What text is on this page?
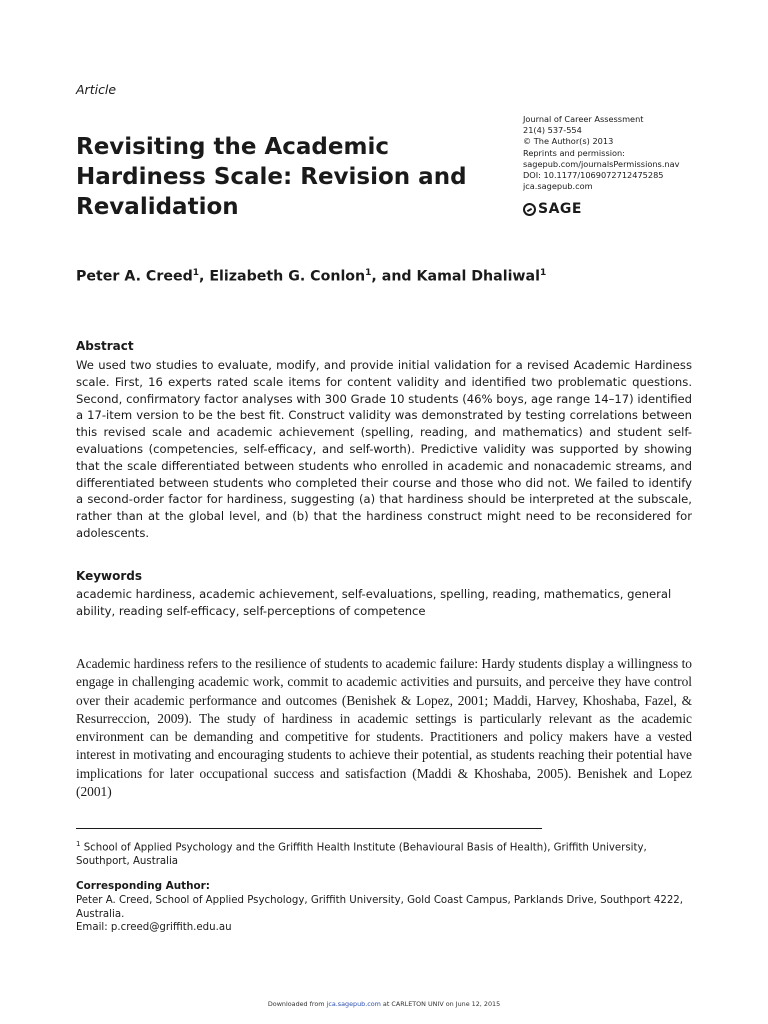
Article
Revisiting the Academic Hardiness Scale: Revision and Revalidation
Journal of Career Assessment
21(4) 537-554
© The Author(s) 2013
Reprints and permission:
sagepub.com/journalsPermissions.nav
DOI: 10.1177/1069072712475285
jca.sagepub.com
SAGE
Peter A. Creed$^1$, Elizabeth G. Conlon$^1$, and Kamal Dhaliwal$^1$
Abstract

We used two studies to evaluate, modify, and provide initial validation for a revised Academic Hardiness scale. First, 16 experts rated scale items for content validity and identified two problematic questions. Second, confirmatory factor analyses with 300 Grade 10 students (46% boys, age range 14–17) identified a 17-item version to be the best fit. Construct validity was demonstrated by testing correlations between this revised scale and academic achievement (spelling, reading, and mathematics) and student self-evaluations (competencies, self-efficacy, and self-worth). Predictive validity was supported by showing that the scale differentiated between students who enrolled in academic and nonacademic streams, and differentiated between students who completed their course and those who did not. We failed to identify a second-order factor for hardiness, suggesting (a) that hardiness should be interpreted at the subscale, rather than at the global level, and (b) that the hardiness construct might need to be reconsidered for adolescents.

Keywords

academic hardiness, academic achievement, self-evaluations, spelling, reading, mathematics, general ability, reading self-efficacy, self-perceptions of competence

Academic hardiness refers to the resilience of students to academic failure: Hardy students display a willingness to engage in challenging academic work, commit to academic activities and pursuits, and perceive they have control over their academic performance and outcomes (Benishek & Lopez, 2001; Maddi, Harvey, Khoshaba, Fazel, & Resurreccion, 2009). The study of hardiness in academic settings is particularly relevant as the academic environment can be demanding and competitive for students. Practitioners and policy makers have a vested interest in motivating and encouraging students to achieve their potential, as students reaching their potential have implications for later occupational success and satisfaction (Maddi & Khoshaba, 2005). Benishek and Lopez (2001)

$^1$ School of Applied Psychology and the Griffith Health Institute (Behavioural Basis of Health), Griffith University, Southport, Australia

Corresponding Author:

Peter A. Creed, School of Applied Psychology, Griffith University, Gold Coast Campus, Parklands Drive, Southport 4222, Australia.
Email: p.creed@griffith.edu.au

Downloaded from jca.sagepub.com at CARLETON UNIV on June 12, 2015
